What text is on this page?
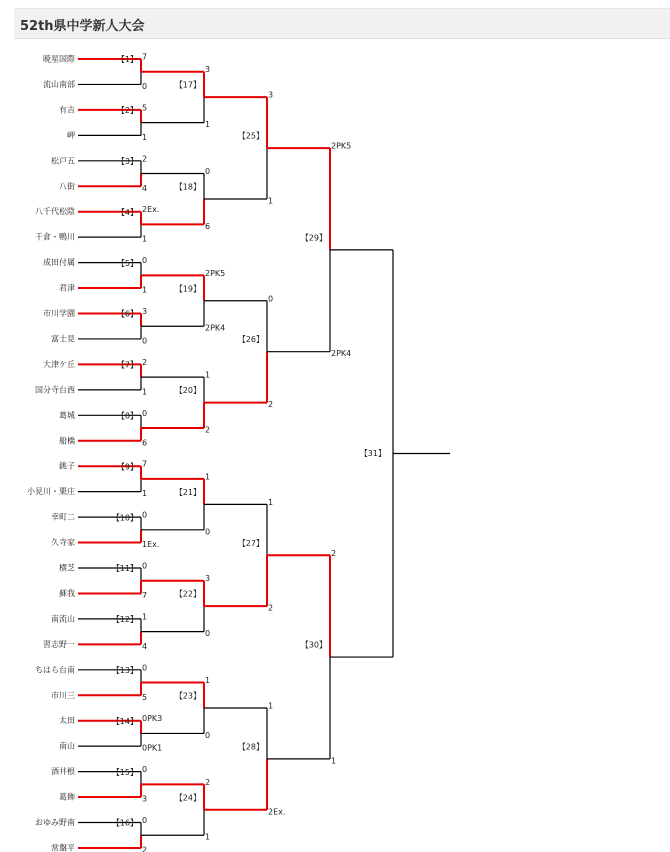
52th県中学新人大会
暁星国際
流山南部
有吉
岬
松戸五
八街
八千代松陰
千倉・鴨川
成田付属
君津
市川学園
富士見
大津ケ丘
国分寺台西
葛城
船橋
銚子
小見川・栗庄
幸町二
久寺家
横芝
蘇我
南流山
習志野一
ちはら台南
市川三
太田
南山
酒井根
葛飾
おゆみ野南
常盤平
7
0
【1】
5
1
【2】
2
4
【3】
2Ex.
1
【4】
0
1
【5】
3
0
【6】
2
1
【7】
0
6
【8】
7
1
【9】
0
1Ex.
【10】
0
7
【11】
1
4
【12】
0
5
【13】
0PK3
0PK1
【14】
0
3
【15】
0
2
【16】
3
1
【17】
0
6
【18】
2PK5
2PK4
【19】
1
2
【20】
1
0
【21】
3
0
【22】
1
0
【23】
2
1
【24】
3
1
【25】
0
2
【26】
1
2
【27】
1
2Ex.
【28】
2PK5
2PK4
【29】
2
1
【30】
【31】
